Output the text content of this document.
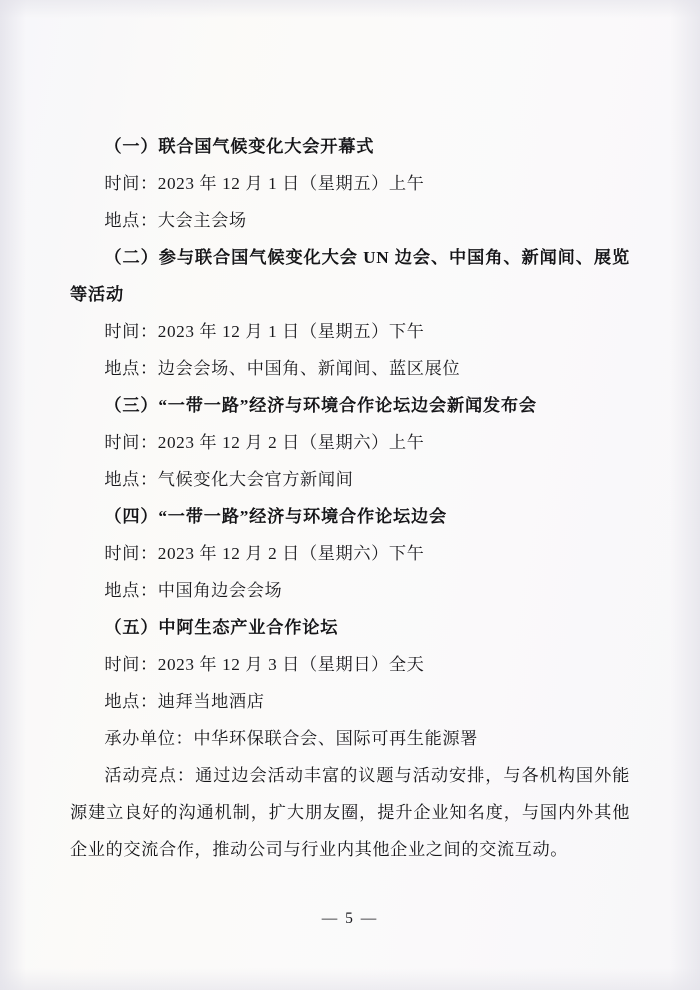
（一）联合国气候变化大会开幕式

时间：2023 年 12 月 1 日（星期五）上午

地点：大会主会场

（二）参与联合国气候变化大会 UN 边会、中国角、新闻间、展览等活动

时间：2023 年 12 月 1 日（星期五）下午

地点：边会会场、中国角、新闻间、蓝区展位

（三）“一带一路”经济与环境合作论坛边会新闻发布会

时间：2023 年 12 月 2 日（星期六）上午

地点：气候变化大会官方新闻间

（四）“一带一路”经济与环境合作论坛边会

时间：2023 年 12 月 2 日（星期六）下午

地点：中国角边会会场

（五）中阿生态产业合作论坛

时间：2023 年 12 月 3 日（星期日）全天

地点：迪拜当地酒店

承办单位：中华环保联合会、国际可再生能源署

活动亮点：通过边会活动丰富的议题与活动安排，与各机构国外能源建立良好的沟通机制，扩大朋友圈，提升企业知名度，与国内外其他企业的交流合作，推动公司与行业内其他企业之间的交流互动。

— 5 —
